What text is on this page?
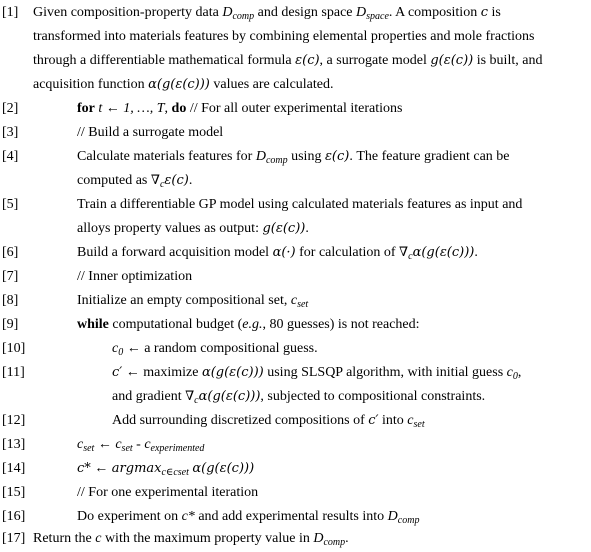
[1] Given composition-property data $D_{comp}$ and design space $D_{space}$. A composition c is
transformed into materials features by combining elemental properties and mole fractions
through a differentiable mathematical formula ε(c), a surrogate model g(ε(c)) is built, and
acquisition function α(g(ε(c))) values are calculated.
[2]	for t ← 1, …, T, do // For all outer experimental iterations
[3]	// Build a surrogate model
[4]	Calculate materials features for $D_{comp}$ using ε(c). The feature gradient can be
computed as $\nabla_c\varepsilon(c)$.
[5]	Train a differentiable GP model using calculated materials features as input and
alloys property values as output: g(ε(c)).
[6]	Build a forward acquisition model α(·) for calculation of $\nabla_c\alpha(g(\varepsilon(c)))$.
[7]	// Inner optimization
[8]	Initialize an empty compositional set, $c_{set}$
[9]	while computational budget (e.g., 80 guesses) is not reached:
[10]	$c_0$ ← a random compositional guess.
[11]	c′ ← maximize α(g(ε(c))) using SLSQP algorithm, with initial guess $c_0$,
and gradient $\nabla_c\alpha(g(\varepsilon(c)))$, subjected to compositional constraints.
[12]	Add surrounding discretized compositions of c′ into $c_{set}$
[13]	$c_{set}$ ← $c_{set} - c_{experimented}$
[14]	c* ← argmax$_{c\in cset}$ α(g(ε(c)))
[15]	// For one experimental iteration
[16]	Do experiment on c* and add experimental results into $D_{comp}$
[17] Return the c with the maximum property value in $D_{comp}$.
